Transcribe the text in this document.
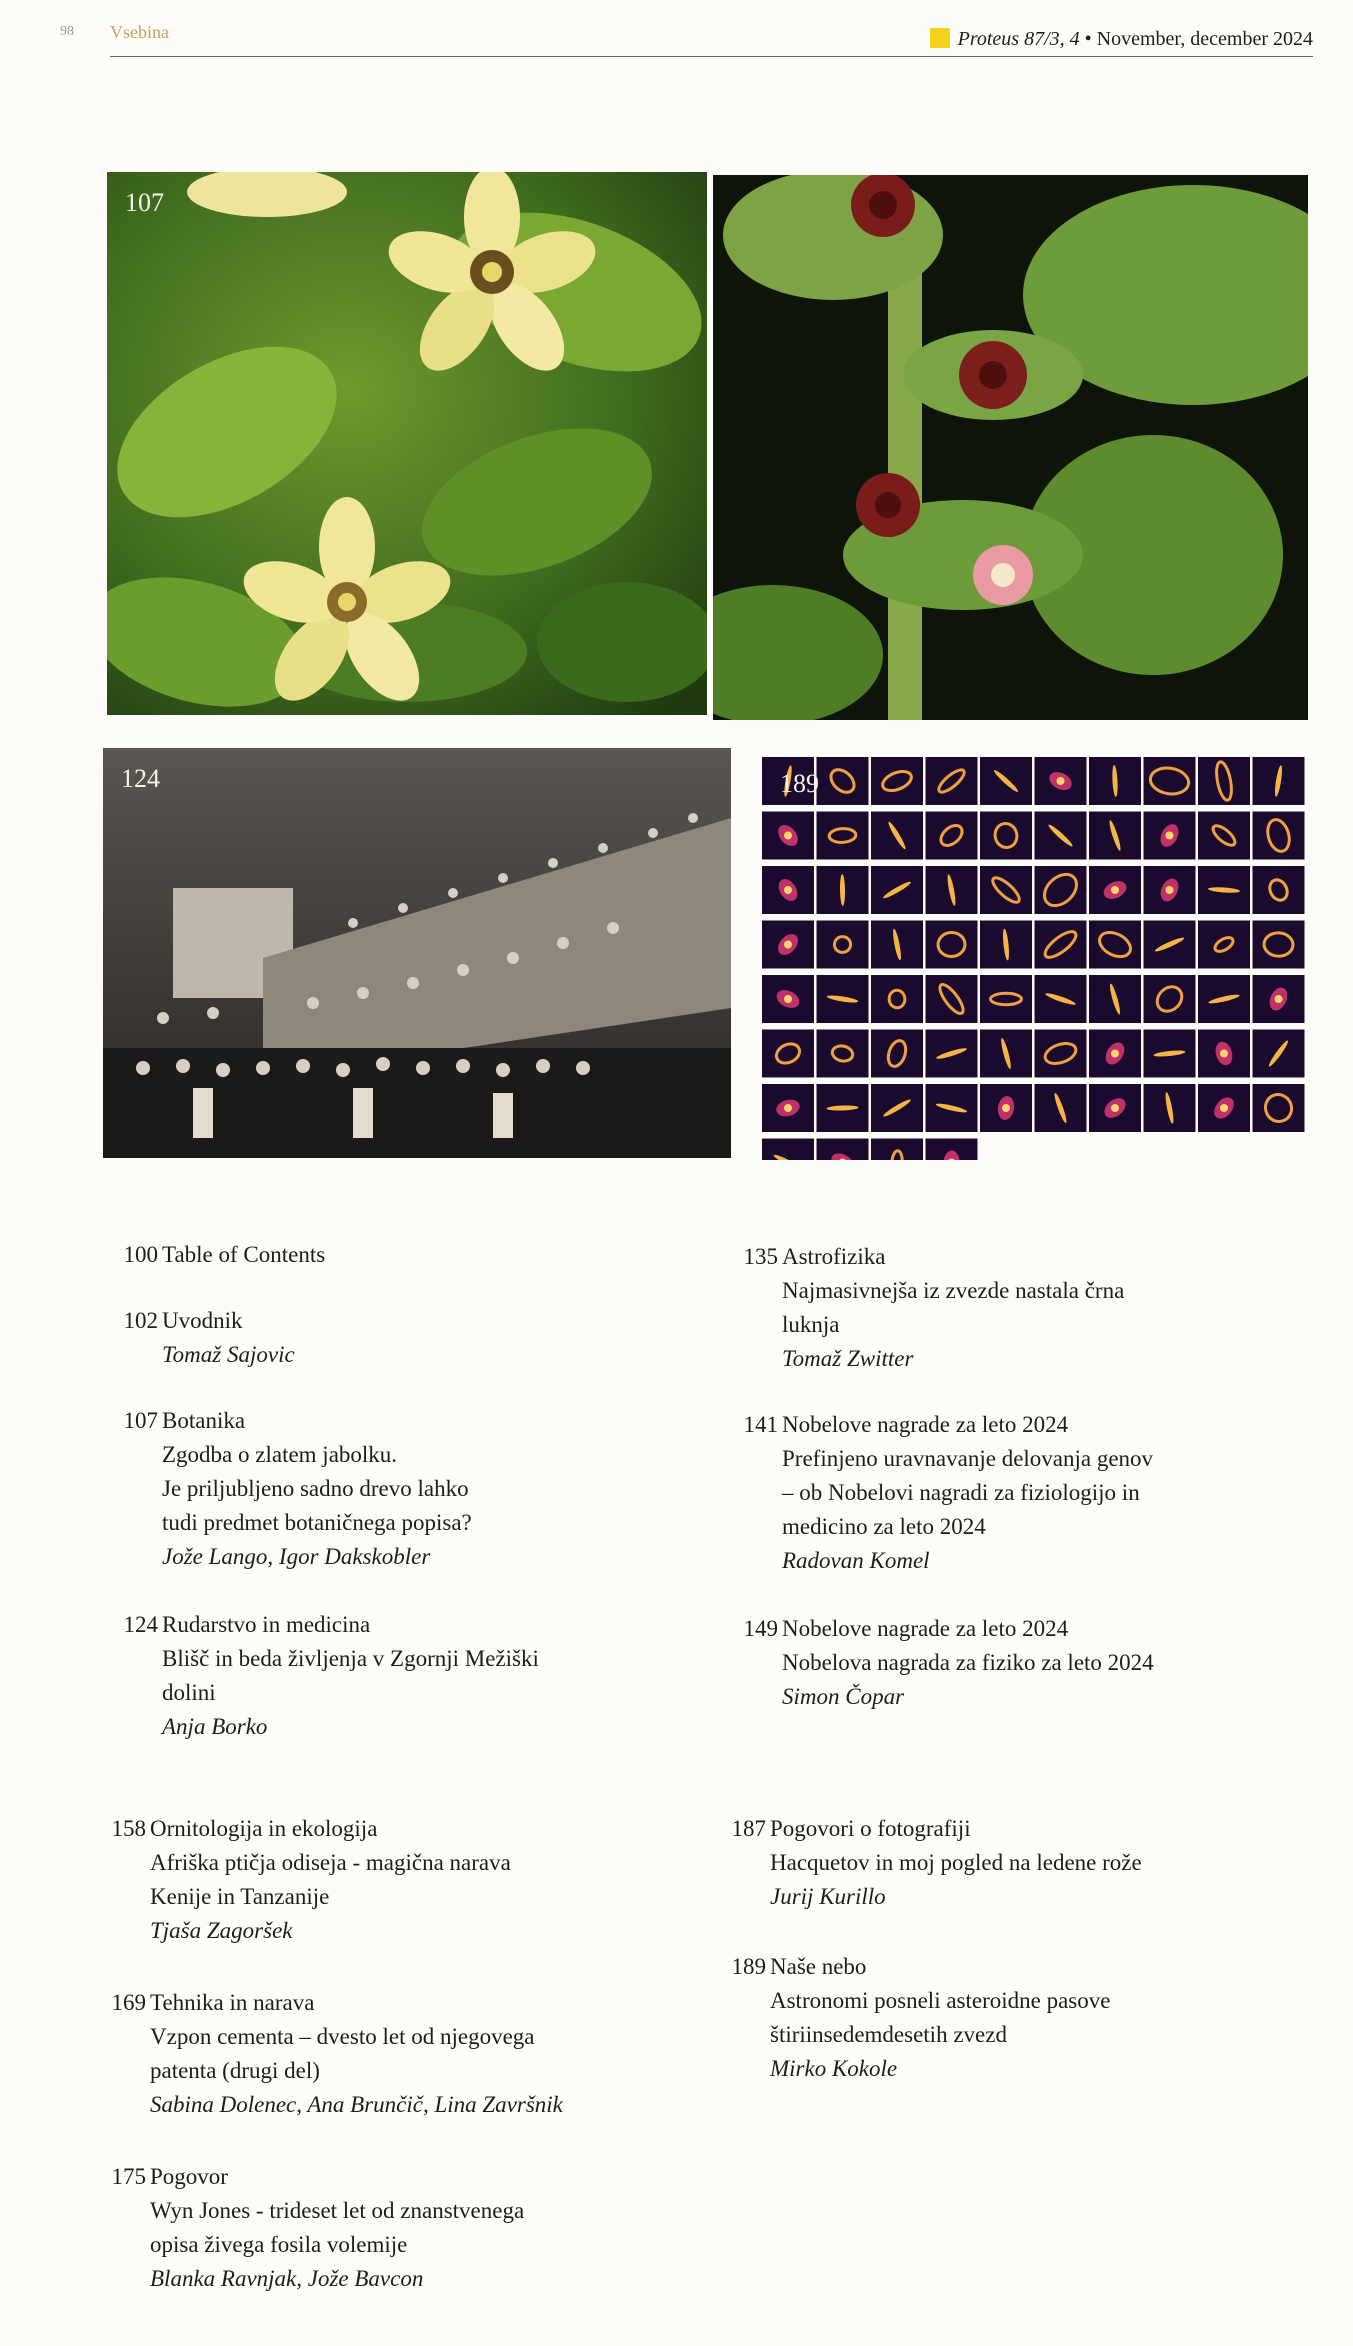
98 Vsebina	Proteus 87/3, 4 • November, december 2024
107
124	189
100 Table of Contents
102 Uvodnik
Tomaž Sajovic
107 Botanika
Zgodba o zlatem jabolku.
Je priljubljeno sadno drevo lahko
tudi predmet botaničnega popisa?
Jože Lango, Igor Dakskobler
124 Rudarstvo in medicina
Blišč in beda življenja v Zgornji Mežiški
dolini
Anja Borko
135 Astrofizika
Najmasivnejša iz zvezde nastala črna
luknja
Tomaž Zwitter
141 Nobelove nagrade za leto 2024
Prefinjeno uravnavanje delovanja genov
– ob Nobelovi nagradi za fiziologijo in
medicino za leto 2024
Radovan Komel
149 Nobelove nagrade za leto 2024
Nobelova nagrada za fiziko za leto 2024
Simon Čopar
158 Ornitologija in ekologija
Afriška ptičja odiseja - magična narava
Kenije in Tanzanije
Tjaša Zagoršek
169 Tehnika in narava
Vzpon cementa – dvesto let od njegovega
patenta (drugi del)
Sabina Dolenec, Ana Brunčič, Lina Završnik
175 Pogovor
Wyn Jones - trideset let od znanstvenega
opisa živega fosila volemije
Blanka Ravnjak, Jože Bavcon
187 Pogovori o fotografiji
Hacquetov in moj pogled na ledene rože
Jurij Kurillo
189 Naše nebo
Astronomi posneli asteroidne pasove
štiriinsedemdesetih zvezd
Mirko Kokole
